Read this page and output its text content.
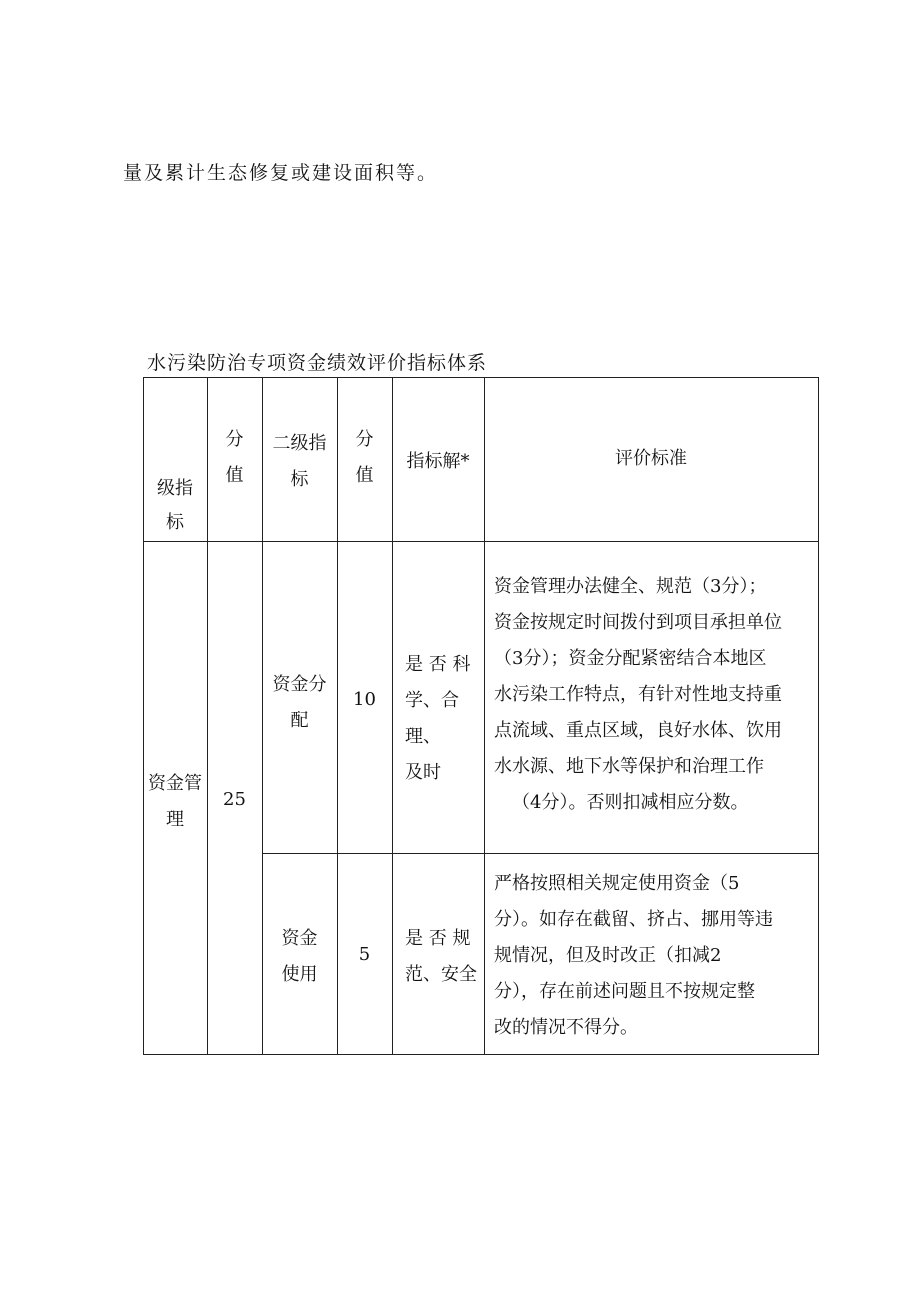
量及累计生态修复或建设面积等。
水污染防治专项资金绩效评价指标体系
级指
标
分
值
二级指
标
分
值
指标解*	评价标准
资金管
理
25
资金分
配
10
是 否 科
学、合理、
及时
资金管理办法健全、规范（3分）；
资金按规定时间拨付到项目承担单位
（3分）；资金分配紧密结合本地区
水污染工作特点，有针对性地支持重
点流域、重点区域，良好水体、饮用
水水源、地下水等保护和治理工作
（4分）。否则扣减相应分数。
资金
使用
5
是 否 规
范、安全
严格按照相关规定使用资金（5
分）。如存在截留、挤占、挪用等违
规情况，但及时改正（扣减2
分），存在前述问题且不按规定整
改的情况不得分。
